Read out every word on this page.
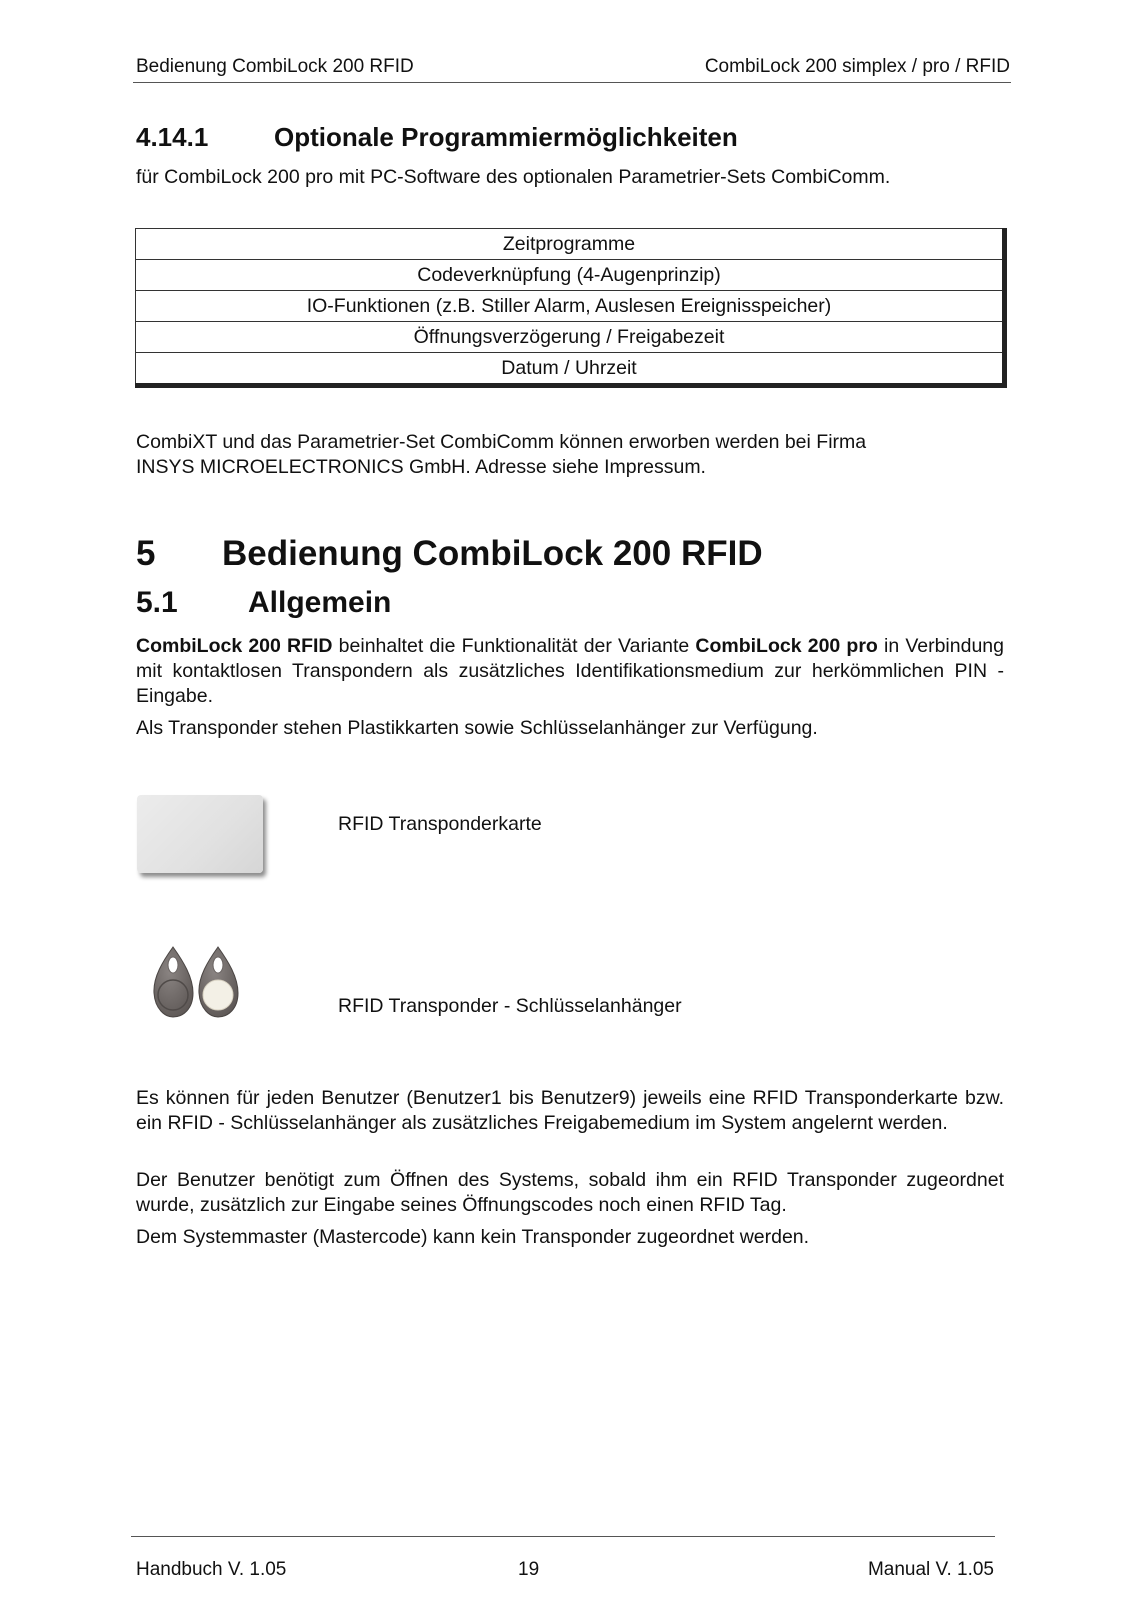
Bedienung CombiLock 200 RFID	CombiLock 200 simplex / pro / RFID
4.14.1	Optionale Programmiermöglichkeiten
für CombiLock 200 pro mit PC-Software des optionalen Parametrier-Sets CombiComm.
Zeitprogramme
Codeverknüpfung (4-Augenprinzip)
IO-Funktionen (z.B. Stiller Alarm, Auslesen Ereignisspeicher)
Öffnungsverzögerung / Freigabezeit
Datum / Uhrzeit
CombiXT und das Parametrier-Set CombiComm können erworben werden bei Firma
INSYS MICROELECTRONICS GmbH. Adresse siehe Impressum.
5 Bedienung CombiLock 200 RFID
5.1 Allgemein
CombiLock 200 RFID beinhaltet die Funktionalität der Variante CombiLock 200 pro in Verbindung mit kontaktlosen Transpondern als zusätzliches Identifikationsmedium zur herkömmlichen PIN - Eingabe.
Als Transponder stehen Plastikkarten sowie Schlüsselanhänger zur Verfügung.
RFID Transponderkarte
RFID Transponder - Schlüsselanhänger
Es können für jeden Benutzer (Benutzer1 bis Benutzer9) jeweils eine RFID Transponderkarte bzw. ein RFID - Schlüsselanhänger als zusätzliches Freigabemedium im System angelernt werden.
Der Benutzer benötigt zum Öffnen des Systems, sobald ihm ein RFID Transponder zugeordnet wurde, zusätzlich zur Eingabe seines Öffnungscodes noch einen RFID Tag.
Dem Systemmaster (Mastercode) kann kein Transponder zugeordnet werden.
Handbuch V. 1.05	19	Manual V. 1.05
